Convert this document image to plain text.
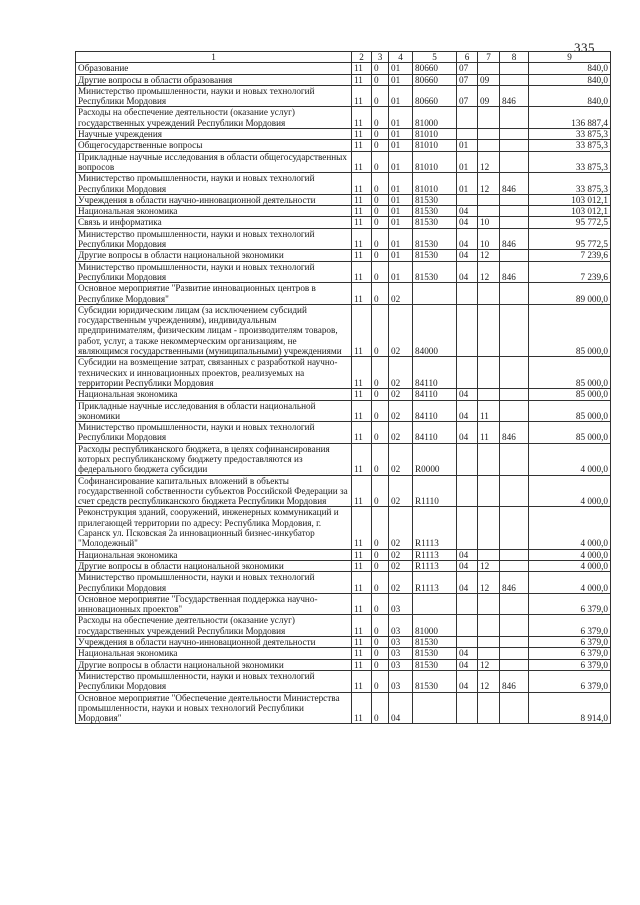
335
1	2	3	4	5	6	7	8	9
Образование	11	0	01	80660	07			840,0
Другие вопросы в области образования	11	0	01	80660	07	09		840,0
Министерство промышленности, науки и новых технологий Республики Мордовия	11	0	01	80660	07	09	846	840,0
Расходы на обеспечение деятельности (оказание услуг) государственных учреждений Республики Мордовия	11	0	01	81000				136 887,4
Научные учреждения	11	0	01	81010				33 875,3
Общегосударственные вопросы	11	0	01	81010	01			33 875,3
Прикладные научные исследования в области общегосударственных вопросов	11	0	01	81010	01	12		33 875,3
Министерство промышленности, науки и новых технологий Республики Мордовия	11	0	01	81010	01	12	846	33 875,3
Учреждения в области научно-инновационной деятельности	11	0	01	81530				103 012,1
Национальная экономика	11	0	01	81530	04			103 012,1
Связь и информатика	11	0	01	81530	04	10		95 772,5
Министерство промышленности, науки и новых технологий Республики Мордовия	11	0	01	81530	04	10	846	95 772,5
Другие вопросы в области национальной экономики	11	0	01	81530	04	12		7 239,6
Министерство промышленности, науки и новых технологий Республики Мордовия	11	0	01	81530	04	12	846	7 239,6
Основное мероприятие "Развитие инновационных центров в Республике Мордовия"	11	0	02					89 000,0
Субсидии юридическим лицам (за исключением субсидий государственным учреждениям), индивидуальным предпринимателям, физическим лицам - производителям товаров, работ, услуг, а также некоммерческим организациям, не являющимся государственными (муниципальными) учреждениями	11	0	02	84000				85 000,0
Субсидии на возмещение затрат, связанных с разработкой научно-технических и инновационных проектов, реализуемых на территории Республики Мордовия	11	0	02	84110				85 000,0
Национальная экономика	11	0	02	84110	04			85 000,0
Прикладные научные исследования в области национальной экономики	11	0	02	84110	04	11		85 000,0
Министерство промышленности, науки и новых технологий Республики Мордовия	11	0	02	84110	04	11	846	85 000,0
Расходы республиканского бюджета, в целях софинансирования которых республиканскому бюджету предоставляются из федерального бюджета субсидии	11	0	02	R0000				4 000,0
Софинансирование капитальных вложений в объекты государственной собственности субъектов Российской Федерации за счет средств республиканского бюджета Республики Мордовия	11	0	02	R1110				4 000,0
Реконструкция зданий, сооружений, инженерных коммуникаций и прилегающей территории по адресу: Республика Мордовия, г. Саранск ул. Псковская 2а инновационный бизнес-инкубатор "Молодежный"	11	0	02	R1113				4 000,0
Национальная экономика	11	0	02	R1113	04			4 000,0
Другие вопросы в области национальной экономики	11	0	02	R1113	04	12		4 000,0
Министерство промышленности, науки и новых технологий Республики Мордовия	11	0	02	R1113	04	12	846	4 000,0
Основное мероприятие "Государственная поддержка научно-инновационных проектов"	11	0	03					6 379,0
Расходы на обеспечение деятельности (оказание услуг) государственных учреждений Республики Мордовия	11	0	03	81000				6 379,0
Учреждения в области научно-инновационной деятельности	11	0	03	81530				6 379,0
Национальная экономика	11	0	03	81530	04			6 379,0
Другие вопросы в области национальной экономики	11	0	03	81530	04	12		6 379,0
Министерство промышленности, науки и новых технологий Республики Мордовия	11	0	03	81530	04	12	846	6 379,0
Основное мероприятие "Обеспечение деятельности Министерства промышленности, науки и новых технологий Республики Мордовия"	11	0	04					8 914,0
